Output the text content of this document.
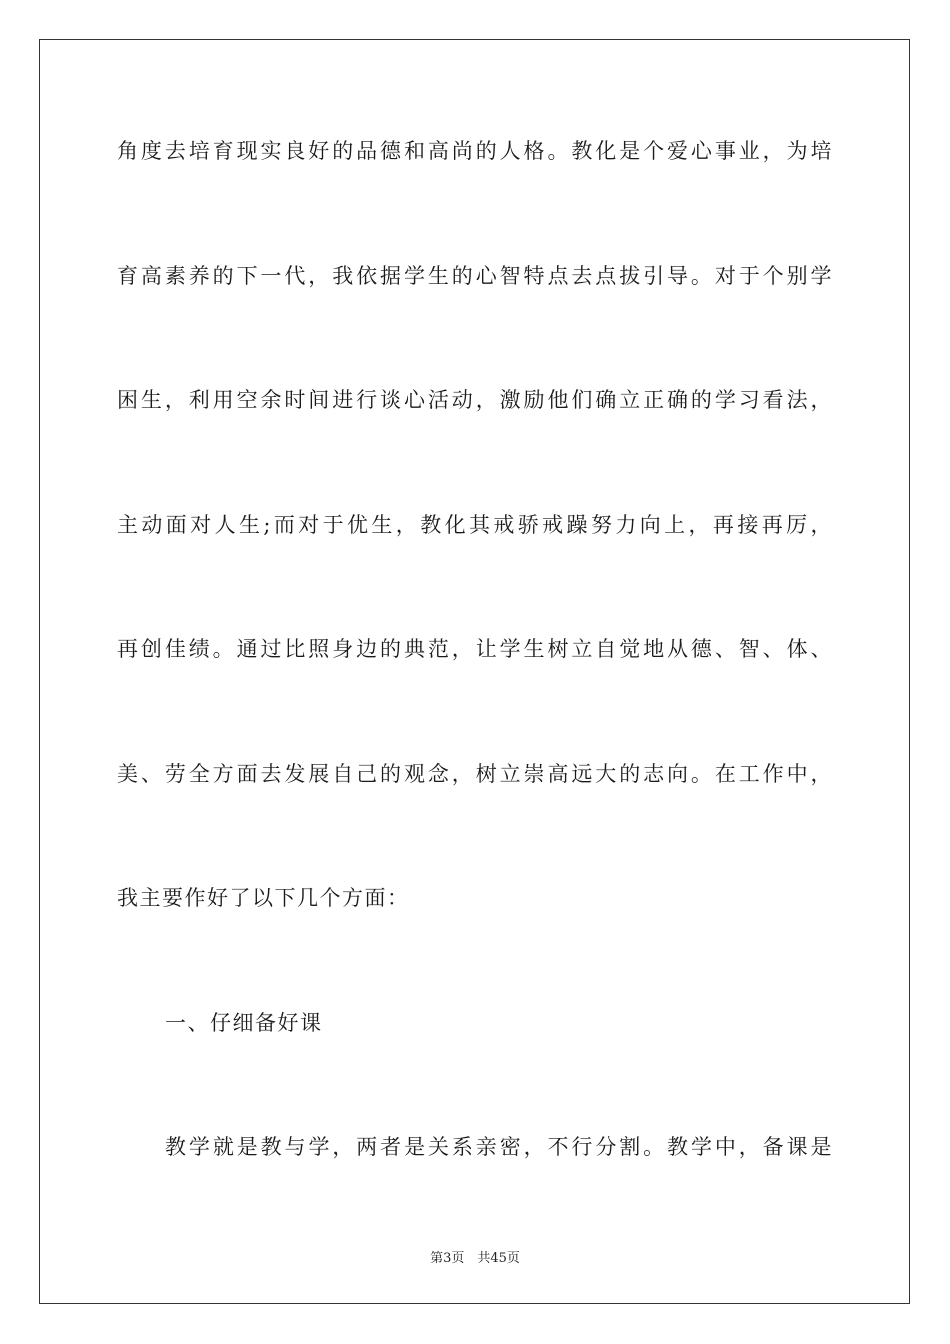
角度去培育现实良好的品德和高尚的人格。教化是个爱心事业，为培
育高素养的下一代，我依据学生的心智特点去点拔引导。对于个别学
困生，利用空余时间进行谈心活动，激励他们确立正确的学习看法，
主动面对人生;而对于优生，教化其戒骄戒躁努力向上，再接再厉，
再创佳绩。通过比照身边的典范，让学生树立自觉地从德、智、体、
美、劳全方面去发展自己的观念，树立崇高远大的志向。在工作中，
我主要作好了以下几个方面：
一、仔细备好课
教学就是教与学，两者是关系亲密，不行分割。教学中，备课是
第3页　共45页
